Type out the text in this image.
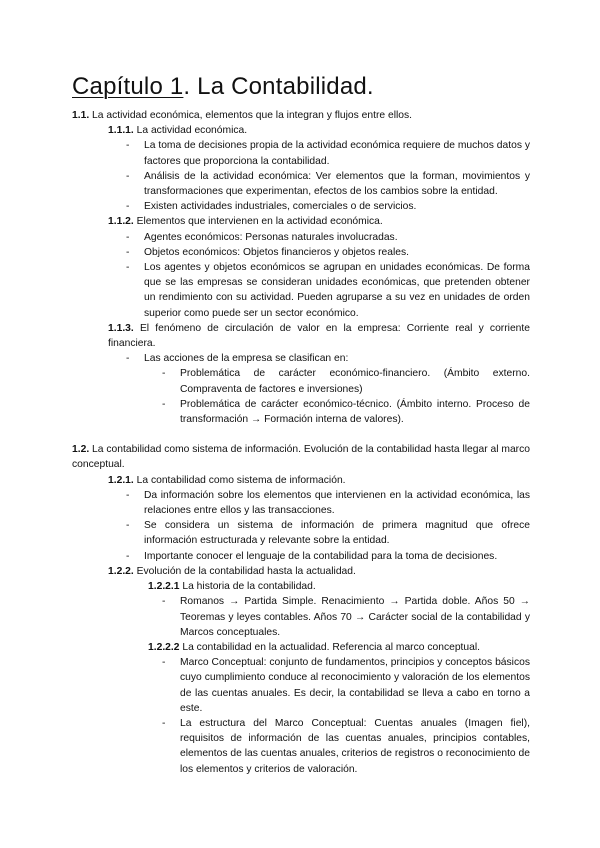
Capítulo 1. La Contabilidad.

1.1. La actividad económica, elementos que la integran y flujos entre ellos.

1.1.1. La actividad económica.

- La toma de decisiones propia de la actividad económica requiere de muchos datos y factores que proporciona la contabilidad.
- Análisis de la actividad económica: Ver elementos que la forman, movimientos y transformaciones que experimentan, efectos de los cambios sobre la entidad.
- Existen actividades industriales, comerciales o de servicios.

1.1.2. Elementos que intervienen en la actividad económica.

- Agentes económicos: Personas naturales involucradas.
- Objetos económicos: Objetos financieros y objetos reales.
- Los agentes y objetos económicos se agrupan en unidades económicas. De forma que se las empresas se consideran unidades económicas, que pretenden obtener un rendimiento con su actividad. Pueden agruparse a su vez en unidades de orden superior como puede ser un sector económico.

1.1.3. El fenómeno de circulación de valor en la empresa: Corriente real y corriente financiera.

- Las acciones de la empresa se clasifican en:
- Problemática de carácter económico-financiero. (Ámbito externo. Compraventa de factores e inversiones)
- Problemática de carácter económico-técnico. (Ámbito interno. Proceso de transformación → Formación interna de valores).

1.2. La contabilidad como sistema de información. Evolución de la contabilidad hasta llegar al marco conceptual.

1.2.1. La contabilidad como sistema de información.

- Da información sobre los elementos que intervienen en la actividad económica, las relaciones entre ellos y las transacciones.
- Se considera un sistema de información de primera magnitud que ofrece información estructurada y relevante sobre la entidad.
- Importante conocer el lenguaje de la contabilidad para la toma de decisiones.

1.2.2. Evolución de la contabilidad hasta la actualidad.

1.2.2.1 La historia de la contabilidad.

- Romanos → Partida Simple. Renacimiento → Partida doble. Años 50 → Teoremas y leyes contables. Años 70 → Carácter social de la contabilidad y Marcos conceptuales.

1.2.2.2 La contabilidad en la actualidad. Referencia al marco conceptual.

- Marco Conceptual: conjunto de fundamentos, principios y conceptos básicos cuyo cumplimiento conduce al reconocimiento y valoración de los elementos de las cuentas anuales. Es decir, la contabilidad se lleva a cabo en torno a este.
- La estructura del Marco Conceptual: Cuentas anuales (Imagen fiel), requisitos de información de las cuentas anuales, principios contables, elementos de las cuentas anuales, criterios de registros o reconocimiento de los elementos y criterios de valoración.
